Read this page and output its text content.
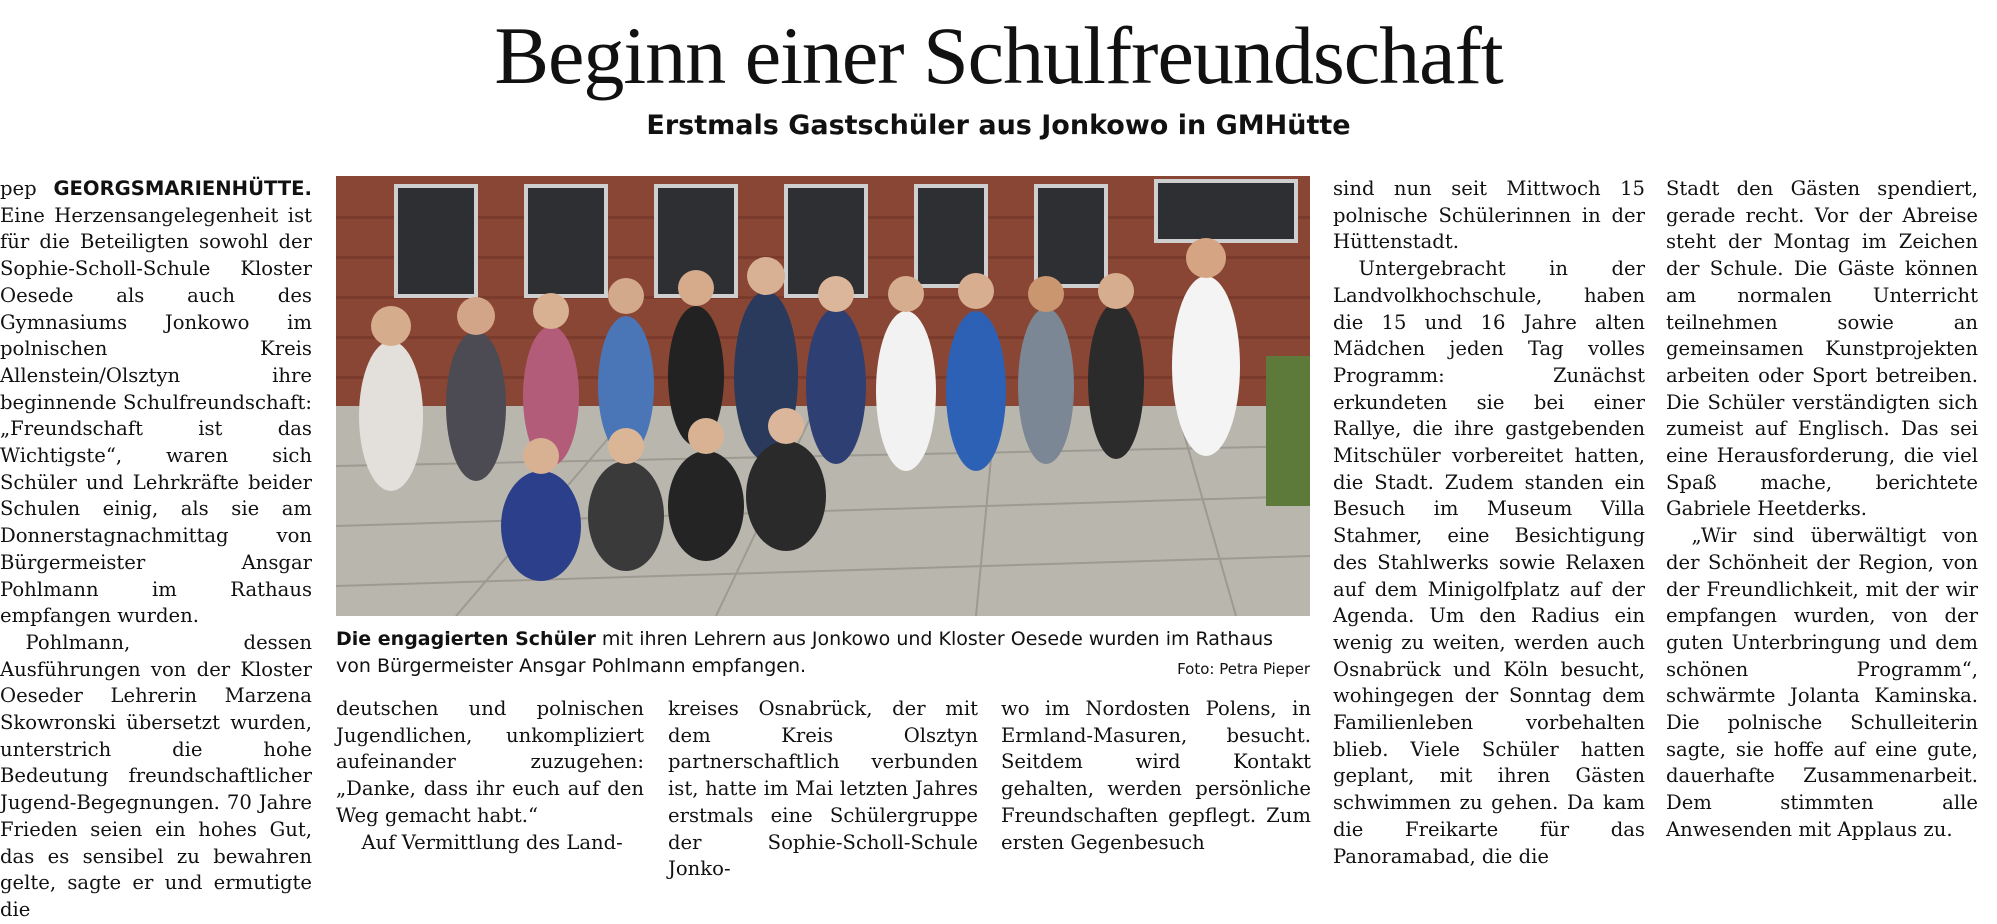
Beginn einer Schulfreundschaft
Erstmals Gastschüler aus Jonkowo in GMHütte

pep GEORGSMARIENHÜTTE. Eine Herzensangelegenheit ist für die Beteiligten sowohl der Sophie-Scholl-Schule Kloster Oesede als auch des Gymnasiums Jonkowo im polnischen Kreis Allenstein/Olsztyn ihre beginnende Schulfreundschaft: „Freundschaft ist das Wichtigste“, waren sich Schüler und Lehrkräfte beider Schulen einig, als sie am Donnerstagnachmittag von Bürgermeister Ansgar Pohlmann im Rathaus empfangen wurden.

Pohlmann, dessen Ausführungen von der Kloster Oeseder Lehrerin Marzena Skowronski übersetzt wurden, unterstrich die hohe Bedeutung freundschaftlicher Jugend-Begegnungen. 70 Jahre Frieden seien ein hohes Gut, das es sensibel zu bewahren gelte, sagte er und ermutigte die

Die engagierten Schüler mit ihren Lehrern aus Jonkowo und Kloster Oesede wurden im Rathaus von Bürgermeister Ansgar Pohlmann empfangen.	Foto: Petra Pieper

deutschen und polnischen Jugendlichen, unkompliziert aufeinander zuzugehen: „Danke, dass ihr euch auf den Weg gemacht habt.“

Auf Vermittlung des Land-

kreises Osnabrück, der mit dem Kreis Olsztyn partnerschaftlich verbunden ist, hatte im Mai letzten Jahres erstmals eine Schülergruppe der Sophie-Scholl-Schule Jonko-

wo im Nordosten Polens, in Ermland-Masuren, besucht. Seitdem wird Kontakt gehalten, werden persönliche Freundschaften gepflegt. Zum ersten Gegenbesuch

sind nun seit Mittwoch 15 polnische Schülerinnen in der Hüttenstadt.

Untergebracht in der Landvolkhochschule, haben die 15 und 16 Jahre alten Mädchen jeden Tag volles Programm: Zunächst erkundeten sie bei einer Rallye, die ihre gastgebenden Mitschüler vorbereitet hatten, die Stadt. Zudem standen ein Besuch im Museum Villa Stahmer, eine Besichtigung des Stahlwerks sowie Relaxen auf dem Minigolfplatz auf der Agenda. Um den Radius ein wenig zu weiten, werden auch Osnabrück und Köln besucht, wohingegen der Sonntag dem Familienleben vorbehalten blieb. Viele Schüler hatten geplant, mit ihren Gästen schwimmen zu gehen. Da kam die Freikarte für das Panoramabad, die die

Stadt den Gästen spendiert, gerade recht. Vor der Abreise steht der Montag im Zeichen der Schule. Die Gäste können am normalen Unterricht teilnehmen sowie an gemeinsamen Kunstprojekten arbeiten oder Sport betreiben. Die Schüler verständigten sich zumeist auf Englisch. Das sei eine Herausforderung, die viel Spaß mache, berichtete Gabriele Heetderks.

„Wir sind überwältigt von der Schönheit der Region, von der Freundlichkeit, mit der wir empfangen wurden, von der guten Unterbringung und dem schönen Programm“, schwärmte Jolanta Kaminska. Die polnische Schulleiterin sagte, sie hoffe auf eine gute, dauerhafte Zusammenarbeit. Dem stimmten alle Anwesenden mit Applaus zu.
